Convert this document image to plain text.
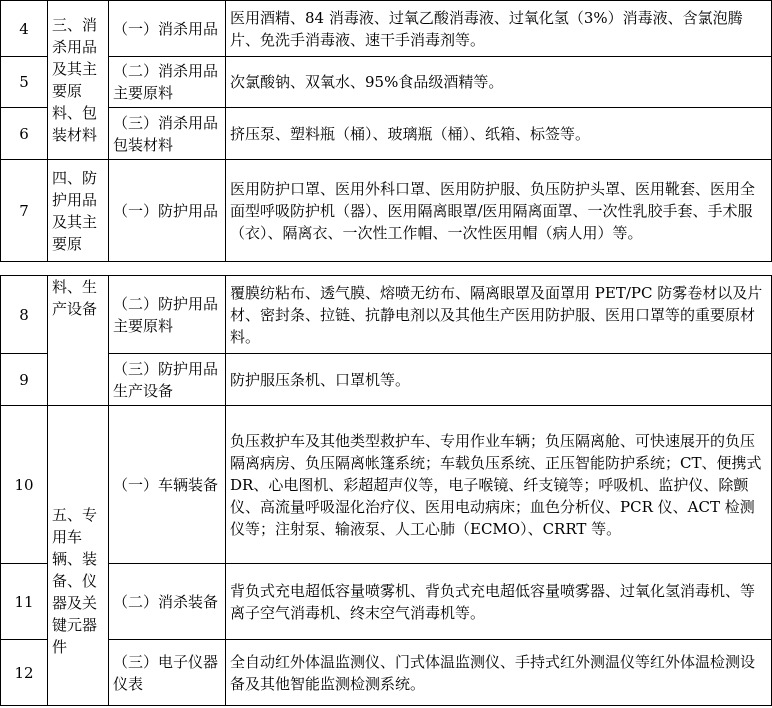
4	三、消杀用品及其主要原料、包装材料	（一）消杀用品	医用酒精、84 消毒液、过氧乙酸消毒液、过氧化氢（3%）消毒液、含氯泡腾片、免洗手消毒液、速干手消毒剂等。
5		（二）消杀用品主要原料	次氯酸钠、双氧水、95%食品级酒精等。
6		（三）消杀用品包装材料	挤压泵、塑料瓶（桶）、玻璃瓶（桶）、纸箱、标签等。
7	四、防护用品及其主要原	（一）防护用品	医用防护口罩、医用外科口罩、医用防护服、负压防护头罩、医用靴套、医用全面型呼吸防护机（器）、医用隔离眼罩/医用隔离面罩、一次性乳胶手套、手术服（衣）、隔离衣、一次性工作帽、一次性医用帽（病人用）等。
8	料、生产设备	（二）防护用品主要原料	覆膜纺粘布、透气膜、熔喷无纺布、隔离眼罩及面罩用 PET/PC 防雾卷材以及片材、密封条、拉链、抗静电剂以及其他生产医用防护服、医用口罩等的重要原材料。
9		（三）防护用品生产设备	防护服压条机、口罩机等。
10	五、专用车辆、装备、仪器及关键元器件	（一）车辆装备	负压救护车及其他类型救护车、专用作业车辆；负压隔离舱、可快速展开的负压隔离病房、负压隔离帐篷系统；车载负压系统、正压智能防护系统；CT、便携式 DR、心电图机、彩超超声仪等，电子喉镜、纤支镜等；呼吸机、监护仪、除颤仪、高流量呼吸湿化治疗仪、医用电动病床；血色分析仪、PCR 仪、ACT 检测仪等；注射泵、输液泵、人工心肺（ECMO）、CRRT 等。
11		（二）消杀装备	背负式充电超低容量喷雾机、背负式充电超低容量喷雾器、过氧化氢消毒机、等离子空气消毒机、终末空气消毒机等。
12		（三）电子仪器仪表	全自动红外体温监测仪、门式体温监测仪、手持式红外测温仪等红外体温检测设备及其他智能监测检测系统。
